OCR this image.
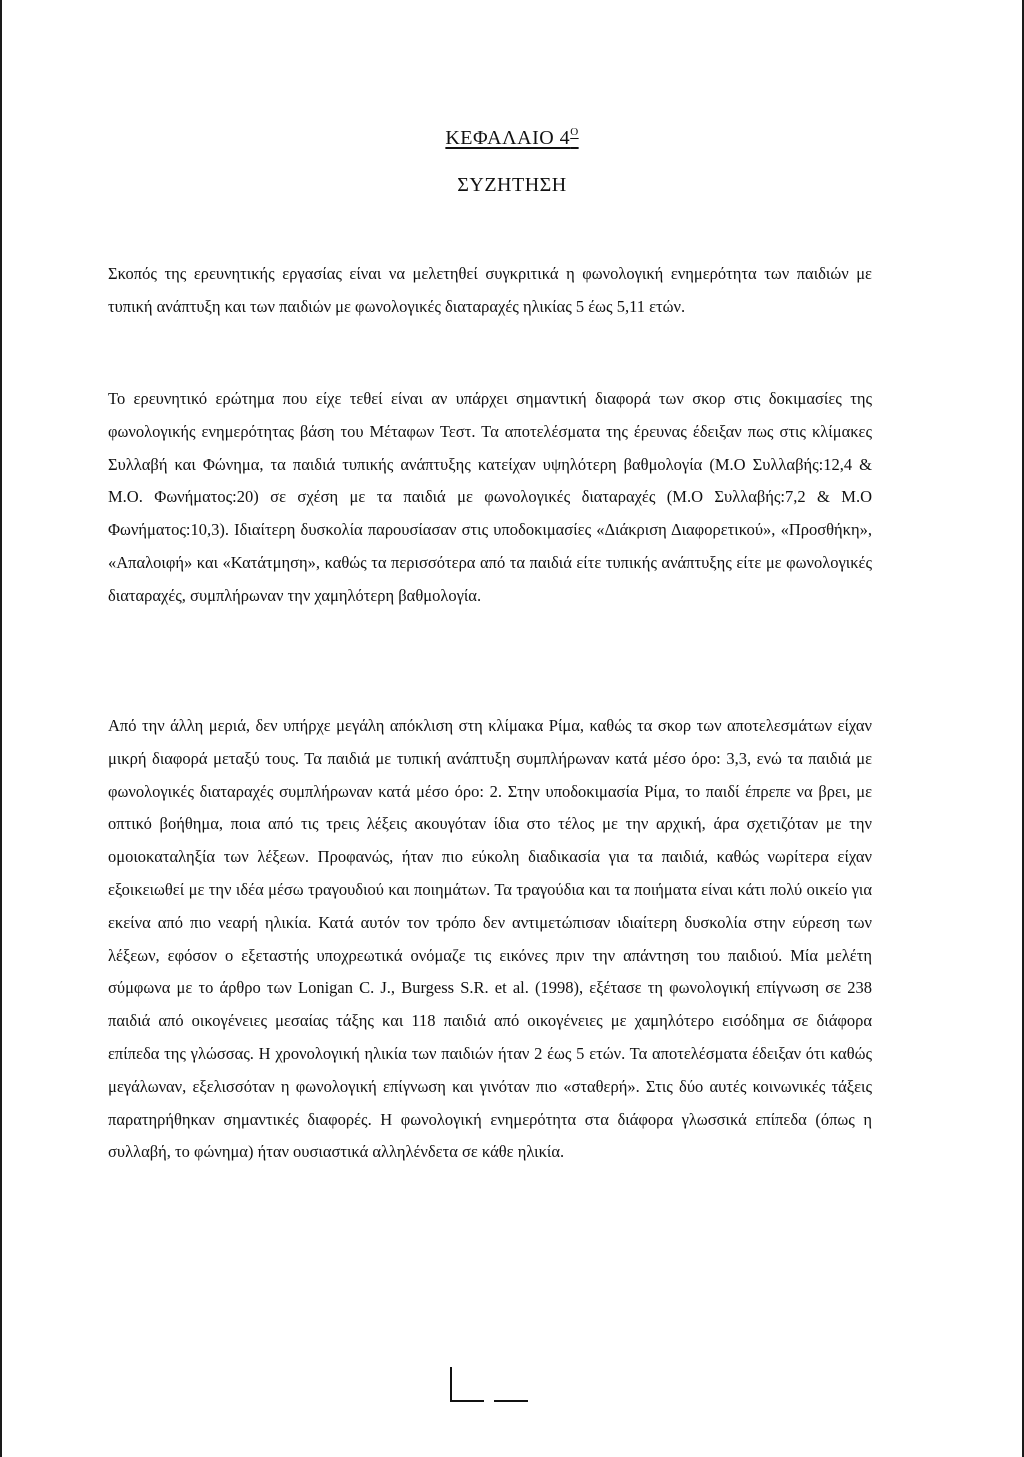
ΚΕΦΑΛΑΙΟ $4^O$
ΣΥΖΗΤΗΣΗ

Σκοπός της ερευνητικής εργασίας είναι να μελετηθεί συγκριτικά η φωνολογική ενημερότητα των παιδιών με τυπική ανάπτυξη και των παιδιών με φωνολογικές διαταραχές ηλικίας 5 έως 5,11 ετών.

Το ερευνητικό ερώτημα που είχε τεθεί είναι αν υπάρχει σημαντική διαφορά των σκορ στις δοκιμασίες της φωνολογικής ενημερότητας βάση του Μέταφων Τεστ. Τα αποτελέσματα της έρευνας έδειξαν πως στις κλίμακες Συλλαβή και Φώνημα, τα παιδιά τυπικής ανάπτυξης κατείχαν υψηλότερη βαθμολογία (Μ.Ο Συλλαβής:12,4 & Μ.Ο. Φωνήματος:20) σε σχέση με τα παιδιά με φωνολογικές διαταραχές (Μ.Ο Συλλαβής:7,2 & Μ.Ο Φωνήματος:10,3). Ιδιαίτερη δυσκολία παρουσίασαν στις υποδοκιμασίες «Διάκριση Διαφορετικού», «Προσθήκη», «Απαλοιφή» και «Κατάτμηση», καθώς τα περισσότερα από τα παιδιά είτε τυπικής ανάπτυξης είτε με φωνολογικές διαταραχές, συμπλήρωναν την χαμηλότερη βαθμολογία.

Από την άλλη μεριά, δεν υπήρχε μεγάλη απόκλιση στη κλίμακα Ρίμα, καθώς τα σκορ των αποτελεσμάτων είχαν μικρή διαφορά μεταξύ τους. Τα παιδιά με τυπική ανάπτυξη συμπλήρωναν κατά μέσο όρο: 3,3, ενώ τα παιδιά με φωνολογικές διαταραχές συμπλήρωναν κατά μέσο όρο: 2. Στην υποδοκιμασία Ρίμα, το παιδί έπρεπε να βρει, με οπτικό βοήθημα, ποια από τις τρεις λέξεις ακουγόταν ίδια στο τέλος με την αρχική, άρα σχετιζόταν με την ομοιοκαταληξία των λέξεων. Προφανώς, ήταν πιο εύκολη διαδικασία για τα παιδιά, καθώς νωρίτερα είχαν εξοικειωθεί με την ιδέα μέσω τραγουδιού και ποιημάτων. Τα τραγούδια και τα ποιήματα είναι κάτι πολύ οικείο για εκείνα από πιο νεαρή ηλικία. Κατά αυτόν τον τρόπο δεν αντιμετώπισαν ιδιαίτερη δυσκολία στην εύρεση των λέξεων, εφόσον ο εξεταστής υποχρεωτικά ονόμαζε τις εικόνες πριν την απάντηση του παιδιού. Μία μελέτη σύμφωνα με το άρθρο των Lonigan C. J., Burgess S.R. et al. (1998), εξέτασε τη φωνολογική επίγνωση σε 238 παιδιά από οικογένειες μεσαίας τάξης και 118 παιδιά από οικογένειες με χαμηλότερο εισόδημα σε διάφορα επίπεδα της γλώσσας. Η χρονολογική ηλικία των παιδιών ήταν 2 έως 5 ετών. Τα αποτελέσματα έδειξαν ότι καθώς μεγάλωναν, εξελισσόταν η φωνολογική επίγνωση και γινόταν πιο «σταθερή». Στις δύο αυτές κοινωνικές τάξεις παρατηρήθηκαν σημαντικές διαφορές. Η φωνολογική ενημερότητα στα διάφορα γλωσσικά επίπεδα (όπως η συλλαβή, το φώνημα) ήταν ουσιαστικά αλληλένδετα σε κάθε ηλικία.
